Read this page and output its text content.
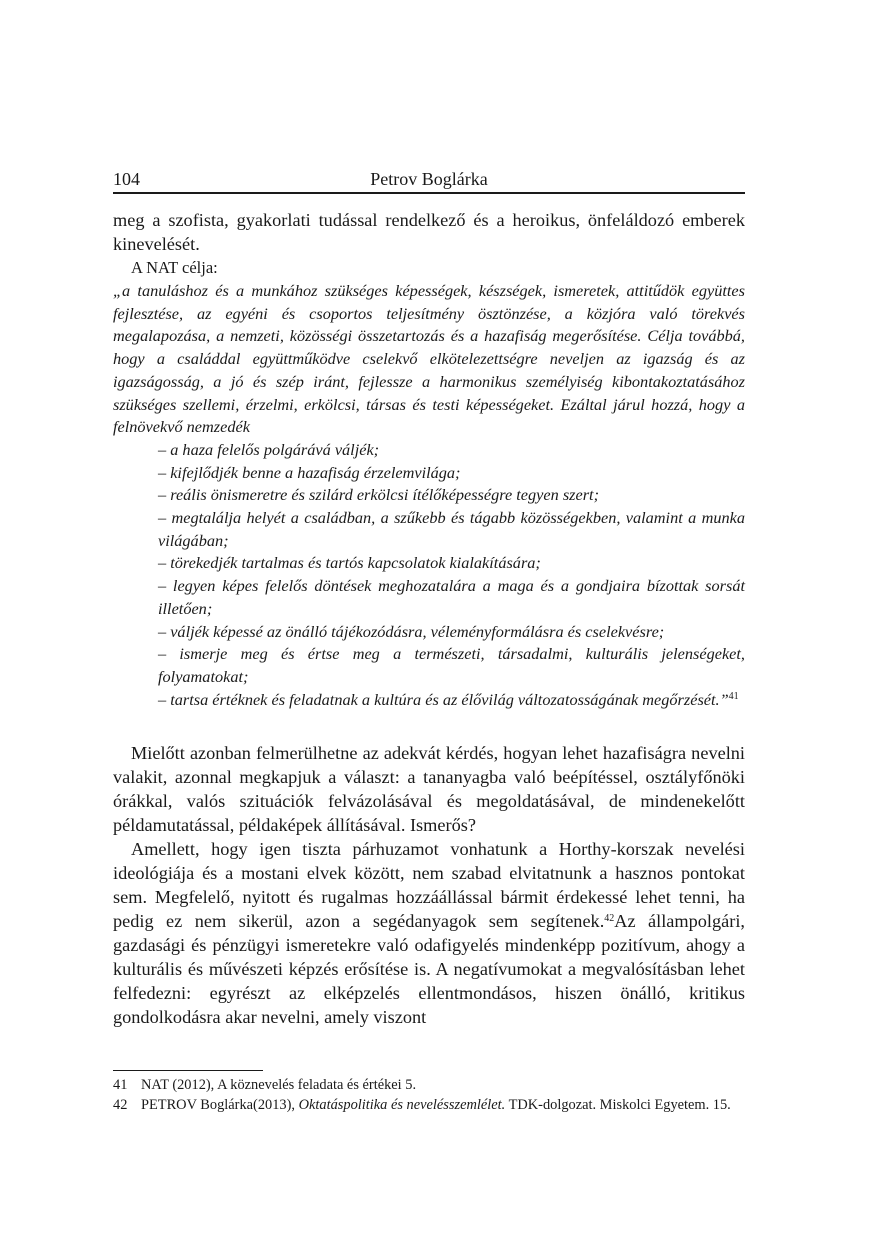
104	Petrov Boglárka

meg a szofista, gyakorlati tudással rendelkező és a heroikus, önfeláldozó emberek kinevelését.

A NAT célja:
„a tanuláshoz és a munkához szükséges képességek, készségek, ismeretek, attitűdök együttes fejlesztése, az egyéni és csoportos teljesítmény ösztönzése, a közjóra való törekvés megalapozása, a nemzeti, közösségi összetartozás és a hazafiság megerősítése. Célja továbbá, hogy a családdal együttműködve cselekvő elkötelezettségre neveljen az igazság és az igazságosság, a jó és szép iránt, fejlessze a harmonikus személyiség kibontakoztatásához szükséges szellemi, érzelmi, erkölcsi, társas és testi képességeket. Ezáltal járul hozzá, hogy a felnövekvő nemzedék
– a haza felelős polgárává váljék;
– kifejlődjék benne a hazafiság érzelemvilága;
– reális önismeretre és szilárd erkölcsi ítélőképességre tegyen szert;
– megtalálja helyét a családban, a szűkebb és tágabb közösségekben, valamint a munka világában;
– törekedjék tartalmas és tartós kapcsolatok kialakítására;
– legyen képes felelős döntések meghozatalára a maga és a gondjaira bízottak sorsát illetően;
– váljék képessé az önálló tájékozódásra, véleményformálásra és cselekvésre;
– ismerje meg és értse meg a természeti, társadalmi, kulturális jelenségeket, folyamatokat;
– tartsa értéknek és feladatnak a kultúra és az élővilág változatosságának megőrzését.”$^{41}$

Mielőtt azonban felmerülhetne az adekvát kérdés, hogyan lehet hazafiságra nevelni valakit, azonnal megkapjuk a választ: a tananyagba való beépítéssel, osztályfőnöki órákkal, valós szituációk felvázolásával és megoldatásával, de mindenekelőtt példamutatással, példaképek állításával. Ismerős?

Amellett, hogy igen tiszta párhuzamot vonhatunk a Horthy-korszak nevelési ideológiája és a mostani elvek között, nem szabad elvitatnunk a hasznos pontokat sem. Megfelelő, nyitott és rugalmas hozzáállással bármit érdekessé lehet tenni, ha pedig ez nem sikerül, azon a segédanyagok sem segítenek.$^{42}$Az állampolgári, gazdasági és pénzügyi ismeretekre való odafigyelés mindenképp pozitívum, ahogy a kulturális és művészeti képzés erősítése is. A negatívumokat a megvalósításban lehet felfedezni: egyrészt az elképzelés ellentmondásos, hiszen önálló, kritikus gondolkodásra akar nevelni, amely viszont

41 NAT (2012), A köznevelés feladata és értékei 5.
42 PETROV Boglárka(2013), Oktatáspolitika és nevelésszemlélet. TDK-dolgozat. Miskolci Egyetem. 15.
